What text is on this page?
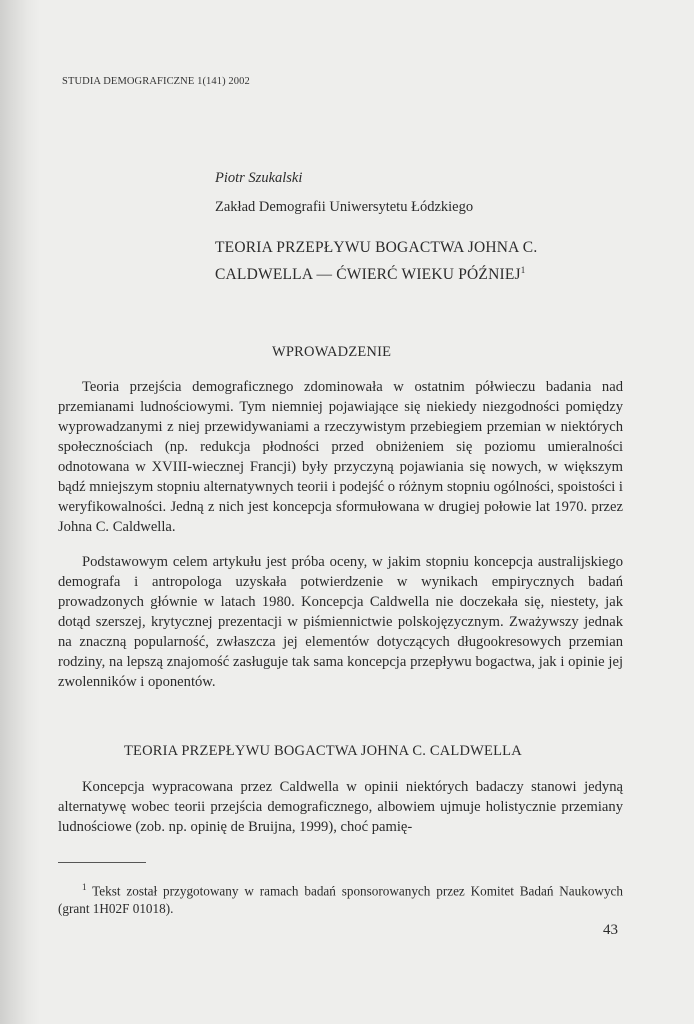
STUDIA DEMOGRAFICZNE 1(141) 2002
Piotr Szukalski
Zakład Demografii Uniwersytetu Łódzkiego
TEORIA PRZEPŁYWU BOGACTWA JOHNA C. CALDWELLA — ĆWIERĆ WIEKU PÓŹNIEJ$^1$
WPROWADZENIE

Teoria przejścia demograficznego zdominowała w ostatnim półwieczu badania nad przemianami ludnościowymi. Tym niemniej pojawiające się niekiedy niezgodności pomiędzy wyprowadzanymi z niej przewidywaniami a rzeczywistym przebiegiem przemian w niektórych społecznościach (np. redukcja płodności przed obniżeniem się poziomu umieralności odnotowana w XVIII-wiecznej Francji) były przyczyną pojawiania się nowych, w większym bądź mniejszym stopniu alternatywnych teorii i podejść o różnym stopniu ogólności, spoistości i weryfikowalności. Jedną z nich jest koncepcja sformułowana w drugiej połowie lat 1970. przez Johna C. Caldwella.

Podstawowym celem artykułu jest próba oceny, w jakim stopniu koncepcja australijskiego demografa i antropologa uzyskała potwierdzenie w wynikach empirycznych badań prowadzonych głównie w latach 1980. Koncepcja Caldwella nie doczekała się, niestety, jak dotąd szerszej, krytycznej prezentacji w piśmiennictwie polskojęzycznym. Zważywszy jednak na znaczną popularność, zwłaszcza jej elementów dotyczących długookresowych przemian rodziny, na lepszą znajomość zasługuje tak sama koncepcja przepływu bogactwa, jak i opinie jej zwolenników i oponentów.

TEORIA PRZEPŁYWU BOGACTWA JOHNA C. CALDWELLA

Koncepcja wypracowana przez Caldwella w opinii niektórych badaczy stanowi jedyną alternatywę wobec teorii przejścia demograficznego, albowiem ujmuje holistycznie przemiany ludnościowe (zob. np. opinię de Bruijna, 1999), choć pamię-

$^1$ Tekst został przygotowany w ramach badań sponsorowanych przez Komitet Badań Naukowych (grant 1H02F 01018).
43
